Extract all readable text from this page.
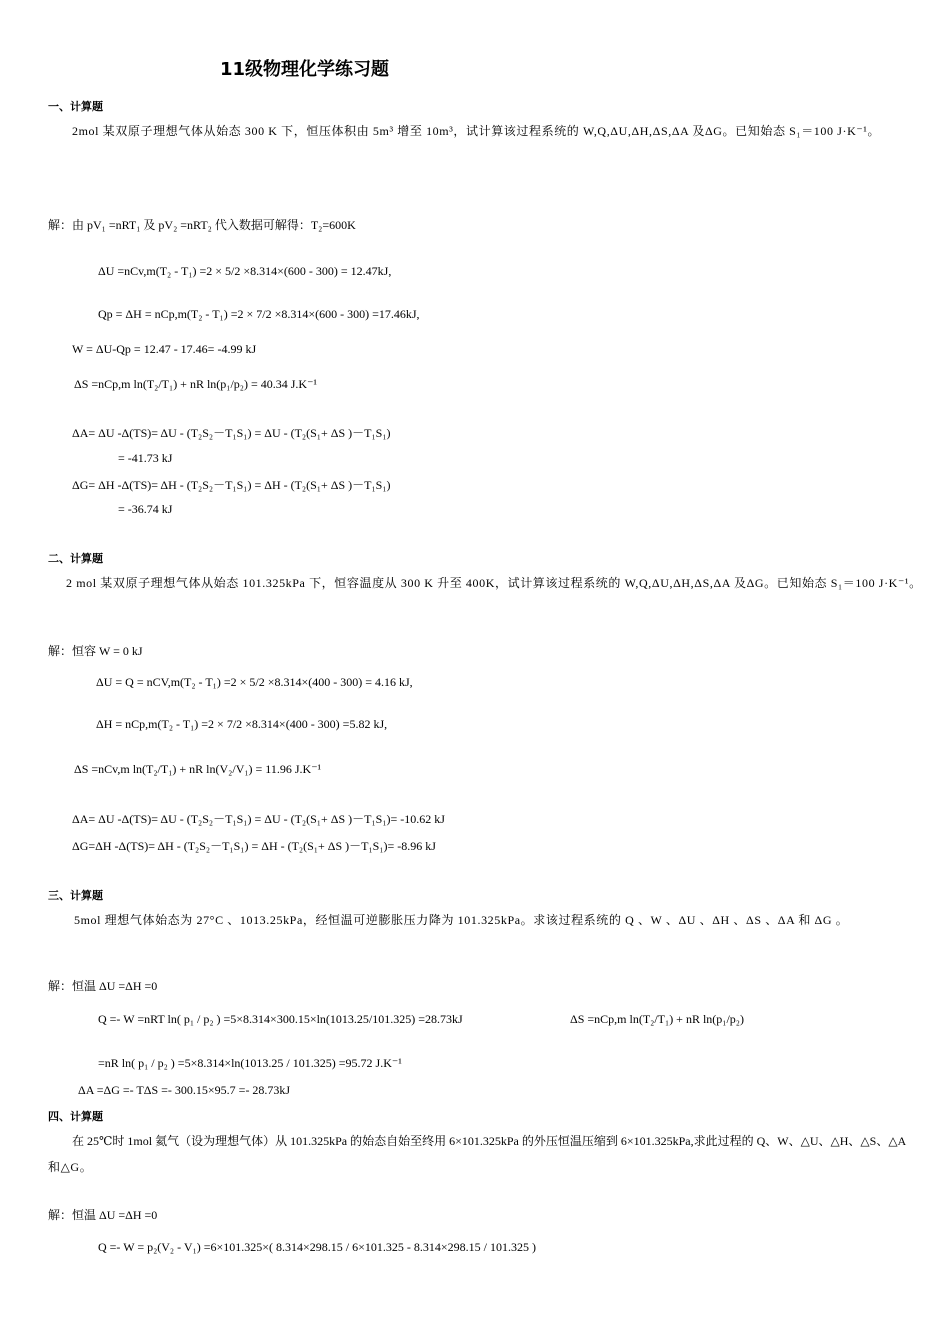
11级物理化学练习题
一、计算题
2mol 某双原子理想气体从始态 300 K 下，恒压体积由 5m³ 增至 10m³，试计算该过程系统的 W,Q,ΔU,ΔH,ΔS,ΔA 及ΔG。已知始态 S₁＝100 J·K⁻¹。
解：由 pV₁ =nRT₁ 及 pV₂ =nRT₂ 代入数据可解得：T₂=600K
ΔU =nCv,m(T₂ - T₁) =2 × 5/2 ×8.314×(600 - 300) = 12.47kJ,
Qp = ΔH = nCp,m(T₂ - T₁) =2 × 7/2 ×8.314×(600 - 300) =17.46kJ,
W = ΔU-Qp = 12.47 - 17.46= -4.99 kJ
ΔS =nCp,m ln(T₂/T₁) + nR ln(p₁/p₂) = 40.34 J.K⁻¹
ΔA= ΔU -Δ(TS)= ΔU - (T₂S₂－T₁S₁) = ΔU - (T₂(S₁+ ΔS )－T₁S₁)
= -41.73 kJ
ΔG= ΔH -Δ(TS)= ΔH - (T₂S₂－T₁S₁) = ΔH - (T₂(S₁+ ΔS )－T₁S₁)
= -36.74 kJ
二、计算题
2 mol 某双原子理想气体从始态 101.325kPa 下，恒容温度从 300 K 升至 400K，试计算该过程系统的 W,Q,ΔU,ΔH,ΔS,ΔA 及ΔG。已知始态 S₁＝100 J·K⁻¹。
解：恒容 W = 0 kJ
ΔU = Q = nCV,m(T₂ - T₁) =2 × 5/2 ×8.314×(400 - 300) = 4.16 kJ,
ΔH = nCp,m(T₂ - T₁) =2 × 7/2 ×8.314×(400 - 300) =5.82 kJ,
ΔS =nCv,m ln(T₂/T₁) + nR ln(V₂/V₁) = 11.96 J.K⁻¹
ΔA= ΔU -Δ(TS)= ΔU - (T₂S₂－T₁S₁) = ΔU - (T₂(S₁+ ΔS )－T₁S₁)= -10.62 kJ
ΔG=ΔH -Δ(TS)= ΔH - (T₂S₂－T₁S₁) = ΔH - (T₂(S₁+ ΔS )－T₁S₁)= -8.96 kJ
三、计算题
5mol 理想气体始态为 27°C 、1013.25kPa，经恒温可逆膨胀压力降为 101.325kPa。求该过程系统的 Q 、W 、ΔU 、ΔH 、ΔS 、ΔA 和 ΔG 。
解：恒温 ΔU =ΔH =0
Q =- W =nRT ln( p₁ / p₂ ) =5×8.314×300.15×ln(1013.25/101.325) =28.73kJ	ΔS =nCp,m ln(T₂/T₁) + nR ln(p₁/p₂)
=nR ln( p₁ / p₂ ) =5×8.314×ln(1013.25 / 101.325) =95.72 J.K⁻¹
ΔA =ΔG =- TΔS =- 300.15×95.7 =- 28.73kJ
四、计算题
在 25℃时 1mol 氦气（设为理想气体）从 101.325kPa 的始态自始至终用 6×101.325kPa 的外压恒温压缩到 6×101.325kPa,求此过程的 Q、W、△U、△H、△S、△A
和△G。
解：恒温 ΔU =ΔH =0
Q =- W = p₂(V₂ - V₁) =6×101.325×( 8.314×298.15 / 6×101.325 - 8.314×298.15 / 101.325 )
